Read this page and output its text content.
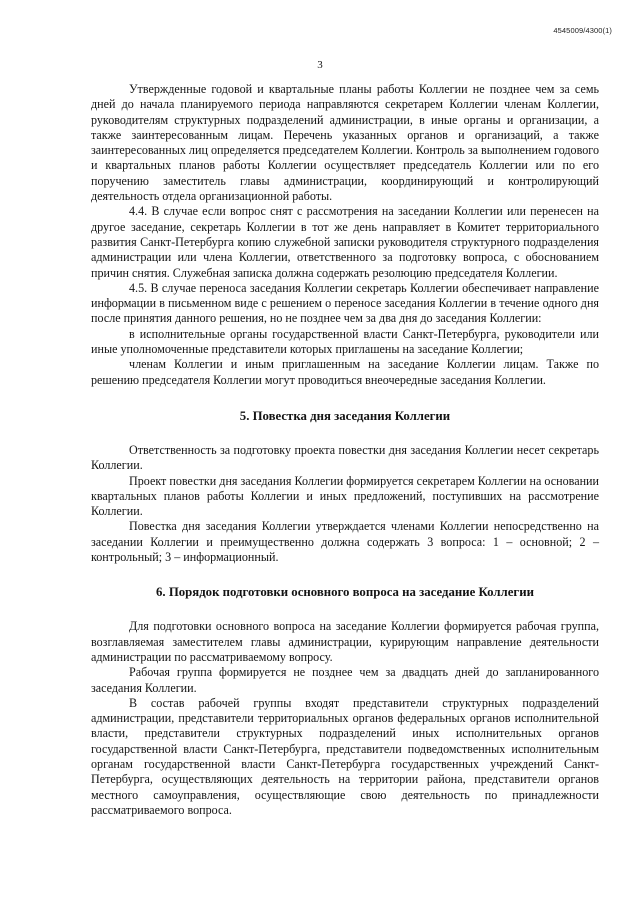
4545009/4300(1)
3

Утвержденные годовой и квартальные планы работы Коллегии не позднее чем за семь дней до начала планируемого периода направляются секретарем Коллегии членам Коллегии, руководителям структурных подразделений администрации, в иные органы и организации, а также заинтересованным лицам. Перечень указанных органов и организаций, а также заинтересованных лиц определяется председателем Коллегии. Контроль за выполнением годового и квартальных планов работы Коллегии осуществляет председатель Коллегии или по его поручению заместитель главы администрации, координирующий и контролирующий деятельность отдела организационной работы.

4.4. В случае если вопрос снят с рассмотрения на заседании Коллегии или перенесен на другое заседание, секретарь Коллегии в тот же день направляет в Комитет территориального развития Санкт-Петербурга копию служебной записки руководителя структурного подразделения администрации или члена Коллегии, ответственного за подготовку вопроса, с обоснованием причин снятия. Служебная записка должна содержать резолюцию председателя Коллегии.

4.5. В случае переноса заседания Коллегии секретарь Коллегии обеспечивает направление информации в письменном виде с решением о переносе заседания Коллегии в течение одного дня после принятия данного решения, но не позднее чем за два дня до заседания Коллегии:

в исполнительные органы государственной власти Санкт-Петербурга, руководители или иные уполномоченные представители которых приглашены на заседание Коллегии;

членам Коллегии и иным приглашенным на заседание Коллегии лицам. Также по решению председателя Коллегии могут проводиться внеочередные заседания Коллегии.

5. Повестка дня заседания Коллегии

Ответственность за подготовку проекта повестки дня заседания Коллегии несет секретарь Коллегии.

Проект повестки дня заседания Коллегии формируется секретарем Коллегии на основании квартальных планов работы Коллегии и иных предложений, поступивших на рассмотрение Коллегии.

Повестка дня заседания Коллегии утверждается членами Коллегии непосредственно на заседании Коллегии и преимущественно должна содержать 3 вопроса: 1 – основной; 2 – контрольный; 3 – информационный.

6. Порядок подготовки основного вопроса на заседание Коллегии

Для подготовки основного вопроса на заседание Коллегии формируется рабочая группа, возглавляемая заместителем главы администрации, курирующим направление деятельности администрации по рассматриваемому вопросу.

Рабочая группа формируется не позднее чем за двадцать дней до запланированного заседания Коллегии.

В состав рабочей группы входят представители структурных подразделений администрации, представители территориальных органов федеральных органов исполнительной власти, представители структурных подразделений иных исполнительных органов государственной власти Санкт-Петербурга, представители подведомственных исполнительным органам государственной власти Санкт-Петербурга государственных учреждений Санкт-Петербурга, осуществляющих деятельность на территории района, представители органов местного самоуправления, осуществляющие свою деятельность по принадлежности рассматриваемого вопроса.
